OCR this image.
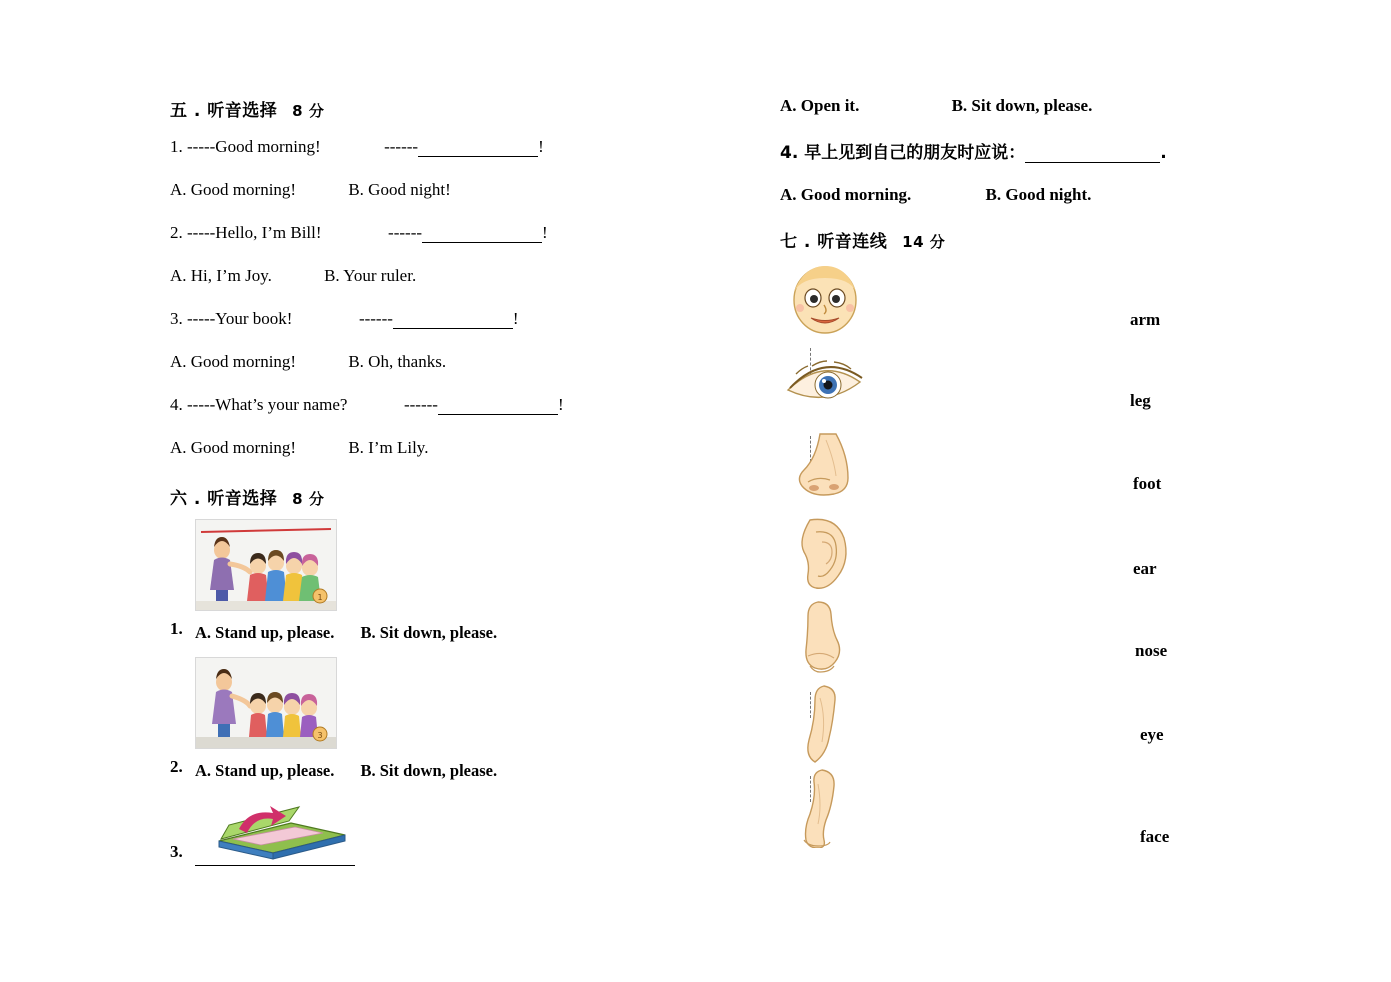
五 . 听音选择 8 分
1. -----Good morning!	------	!
A. Good morning!	B. Good night!
2. -----Hello, I’m Bill!	------	!
A. Hi, I’m Joy.	B. Your ruler.
3. -----Your book!	------	!
A. Good morning!	B. Oh, thanks.
4. -----What’s your name?	------	!
A. Good morning!	B. I’m Lily.
六 . 听音选择 8 分
1.
1
A. Stand up, please. B. Sit down, please.
2.
3
A. Stand up, please. B. Sit down, please.
3.
A. Open it.	B. Sit down, please.
4. 早上见到自己的朋友时应说：	.
A. Good morning.	B. Good night.
七 . 听音连线 14 分
arm
leg
foot
ear
nose
eye
face
